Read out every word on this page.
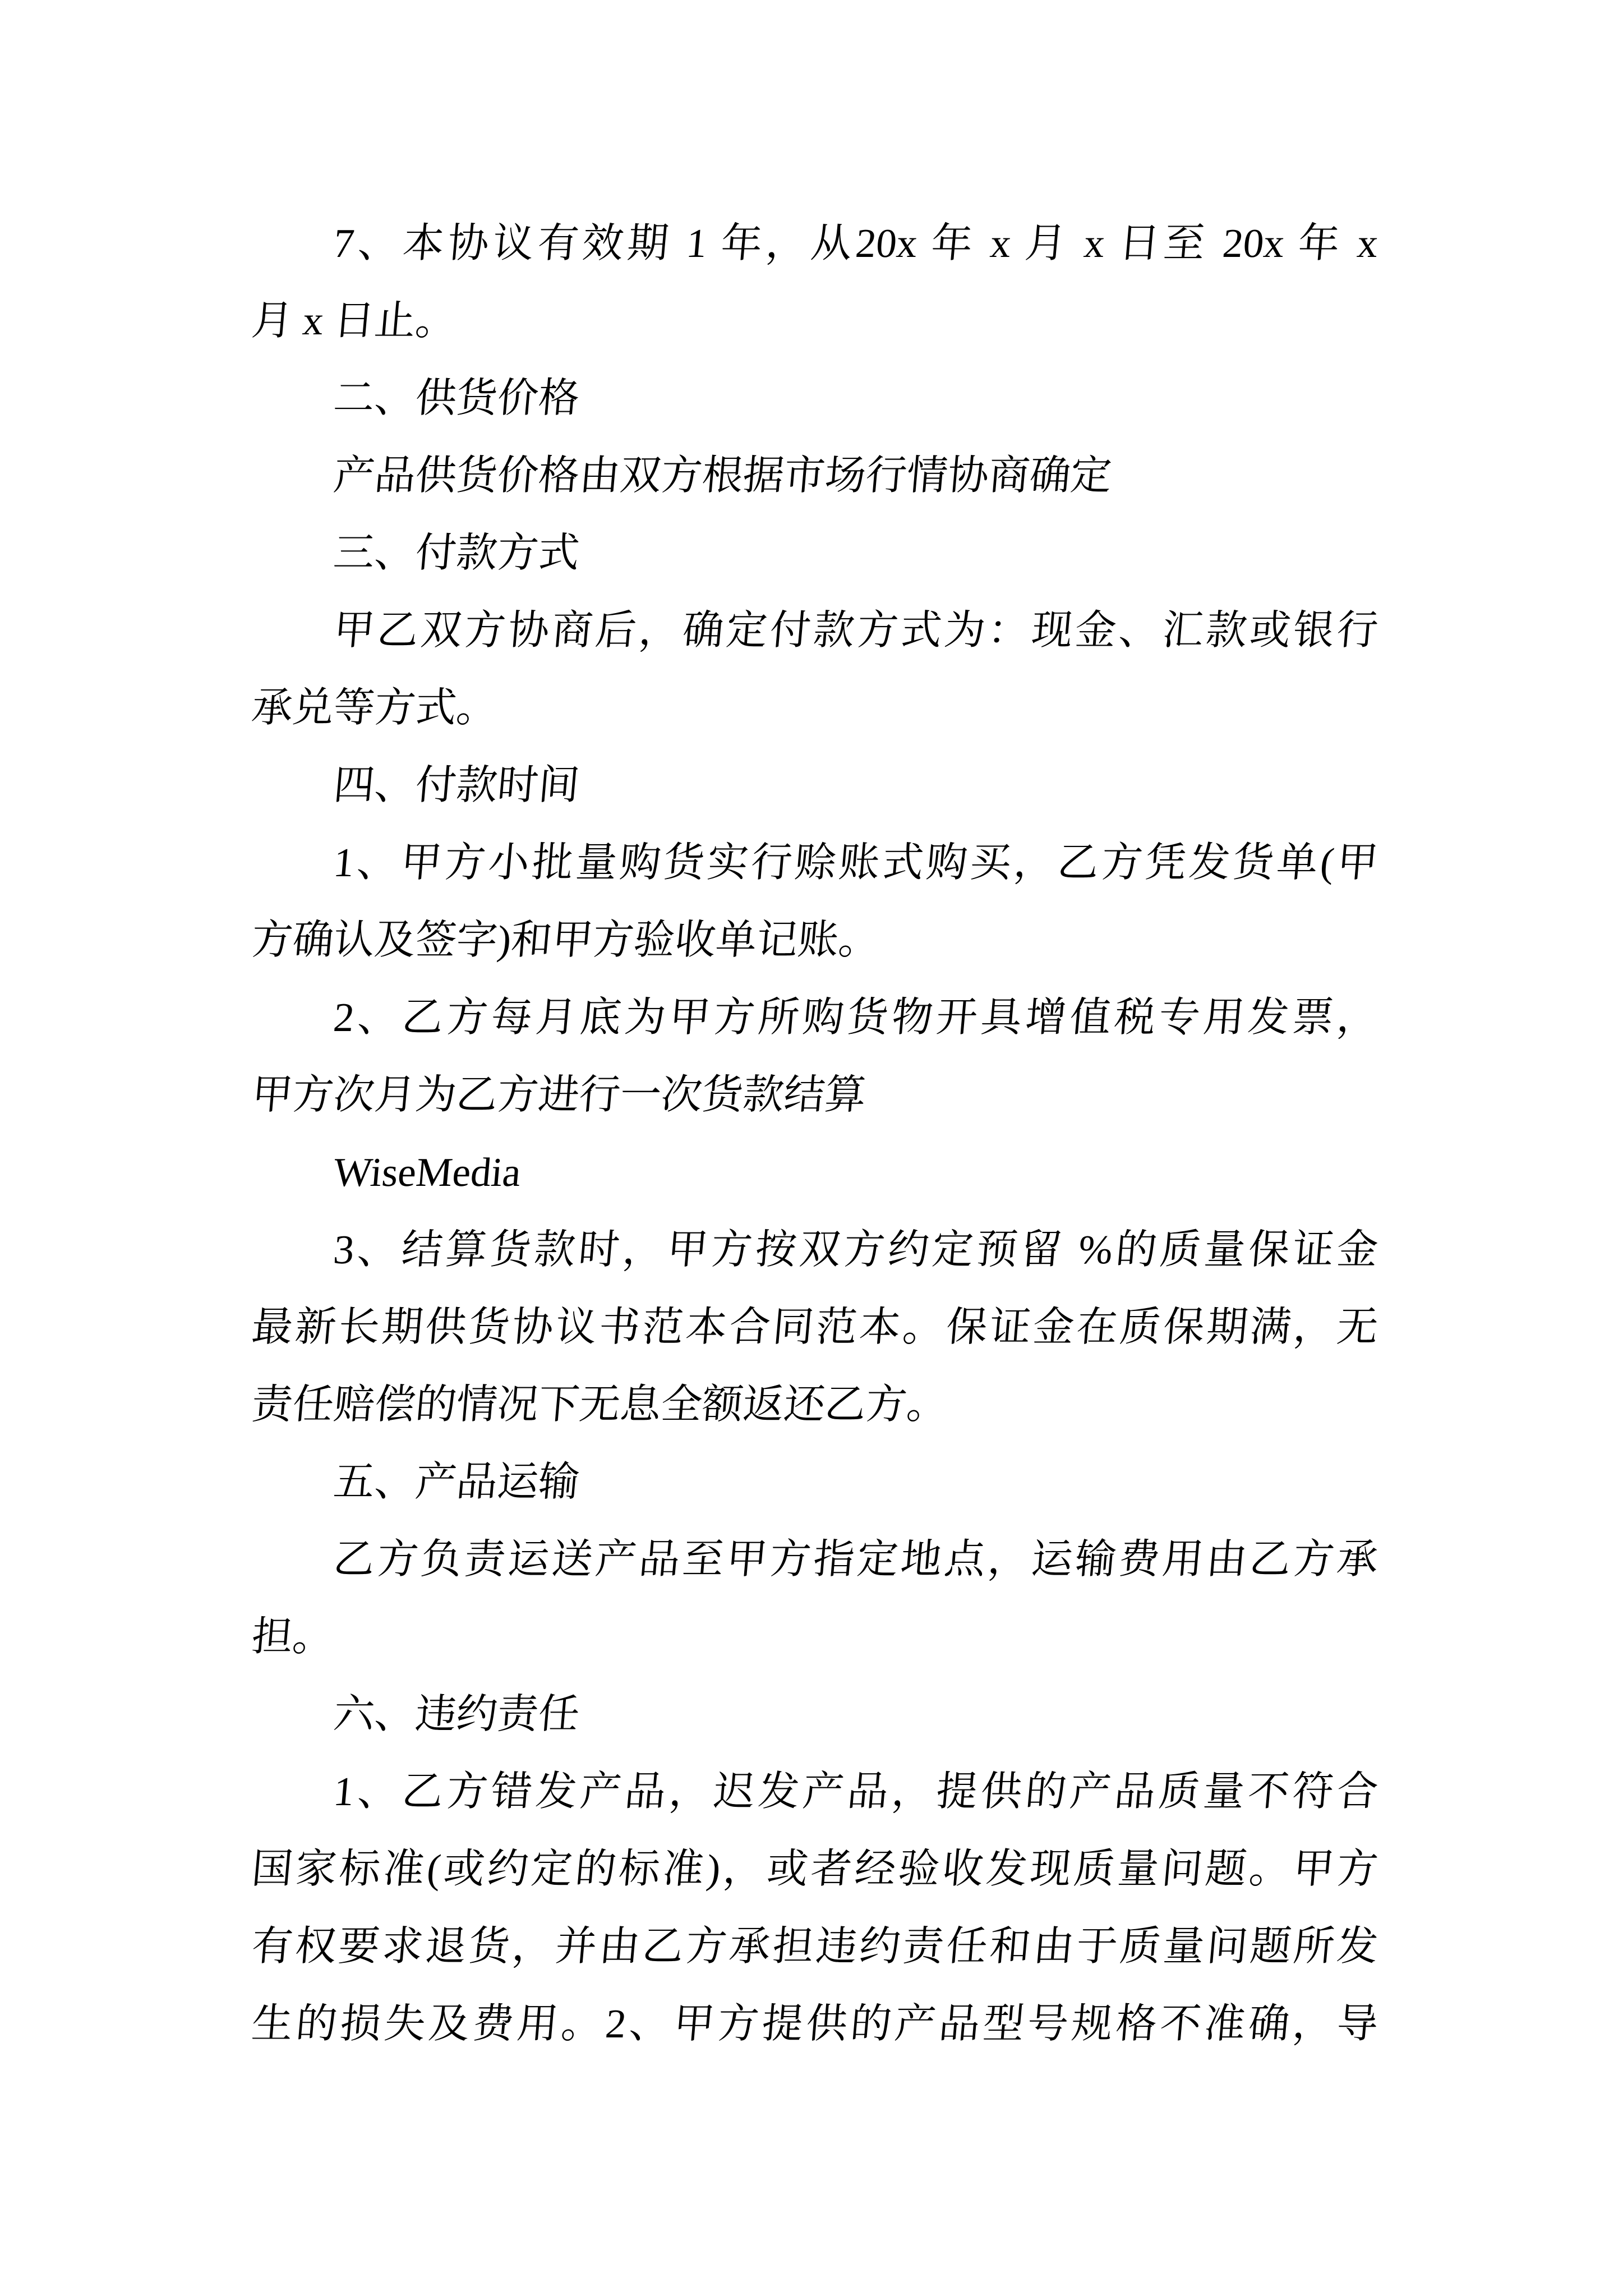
7、本协议有效期 1 年，从20x 年 x 月 x 日至 20x 年 x
月 x 日止。
二、供货价格
产品供货价格由双方根据市场行情协商确定
三、付款方式
甲乙双方协商后，确定付款方式为：现金、汇款或银行
承兑等方式。
四、付款时间
1、甲方小批量购货实行赊账式购买，乙方凭发货单(甲
方确认及签字)和甲方验收单记账。
2、乙方每月底为甲方所购货物开具增值税专用发票，
甲方次月为乙方进行一次货款结算
WiseMedia
3、结算货款时，甲方按双方约定预留 %的质量保证金
最新长期供货协议书范本合同范本。保证金在质保期满，无
责任赔偿的情况下无息全额返还乙方。
五、产品运输
乙方负责运送产品至甲方指定地点，运输费用由乙方承
担。
六、违约责任
1、乙方错发产品，迟发产品，提供的产品质量不符合
国家标准(或约定的标准)，或者经验收发现质量问题。甲方
有权要求退货，并由乙方承担违约责任和由于质量问题所发
生的损失及费用。2、甲方提供的产品型号规格不准确，导
